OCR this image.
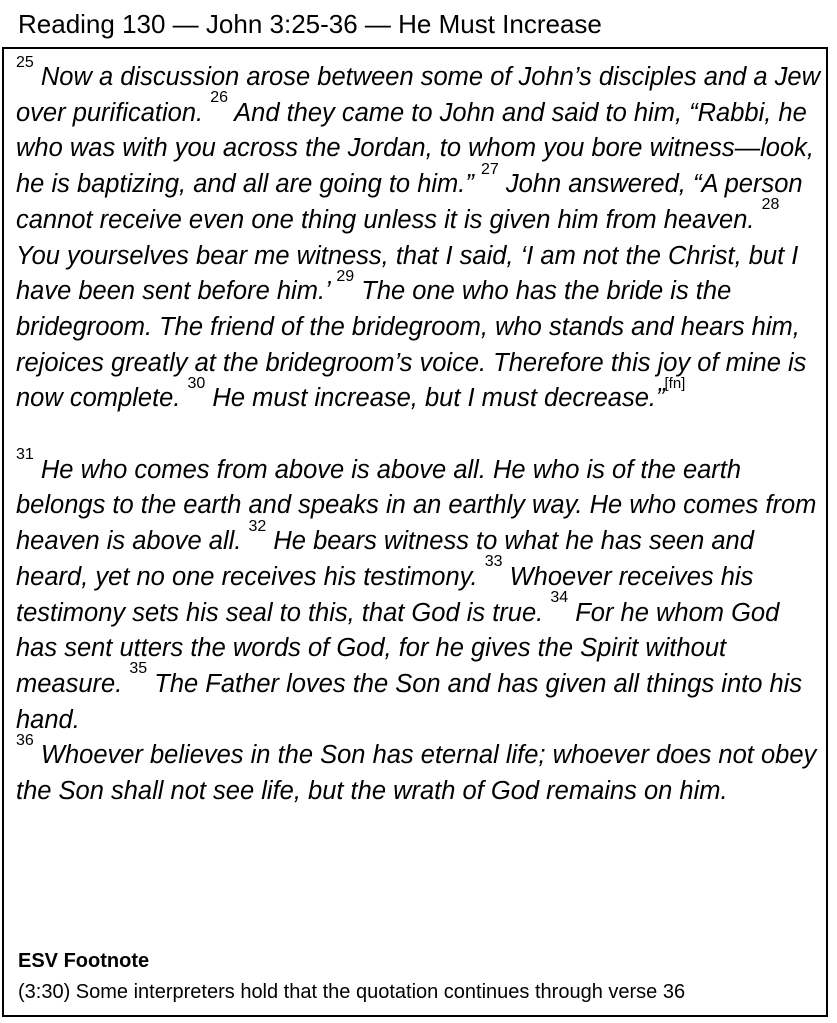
Reading 130 — John 3:25-36 — He Must Increase

$^{25}$ Now a discussion arose between some of John’s disciples and a Jew over purification. $^{26}$ And they came to John and said to him, “Rabbi, he who was with you across the Jordan, to whom you bore witness—look, he is baptizing, and all are going to him.” $^{27}$ John answered, “A person cannot receive even one thing unless it is given him from heaven. $^{28}$ You yourselves bear me witness, that I said, ‘I am not the Christ, but I have been sent before him.’ $^{29}$ The one who has the bride is the bridegroom. The friend of the bridegroom, who stands and hears him, rejoices greatly at the bridegroom’s voice. Therefore this joy of mine is now complete. $^{30}$ He must increase, but I must decrease.”[fn]

$^{31}$ He who comes from above is above all. He who is of the earth belongs to the earth and speaks in an earthly way. He who comes from heaven is above all. $^{32}$ He bears witness to what he has seen and heard, yet no one receives his testimony. $^{33}$ Whoever receives his testimony sets his seal to this, that God is true. $^{34}$ For he whom God has sent utters the words of God, for he gives the Spirit without measure. $^{35}$ The Father loves the Son and has given all things into his hand.
$^{36}$ Whoever believes in the Son has eternal life; whoever does not obey the Son shall not see life, but the wrath of God remains on him.

ESV Footnote
(3:30) Some interpreters hold that the quotation continues through verse 36
